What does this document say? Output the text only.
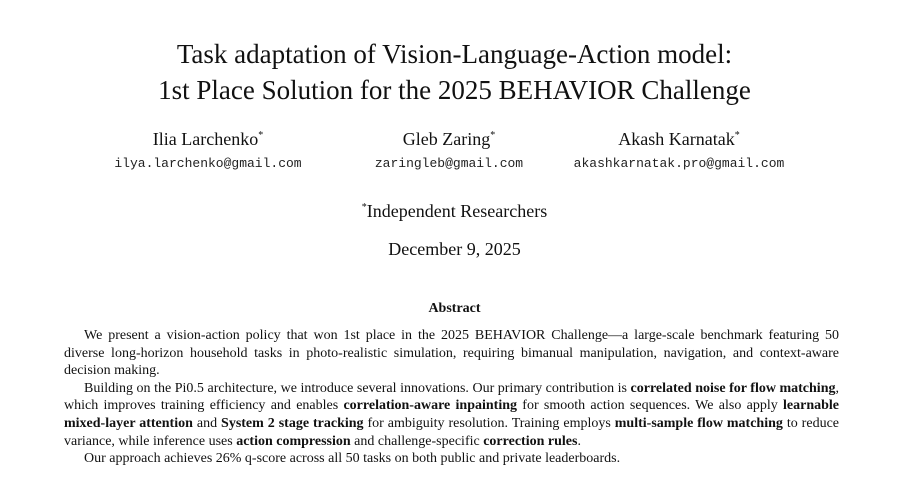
Task adaptation of Vision-Language-Action model:
1st Place Solution for the 2025 BEHAVIOR Challenge
Ilia Larchenko*
ilya.larchenko@gmail.com
Gleb Zaring*
zaringleb@gmail.com
Akash Karnatak*
akashkarnatak.pro@gmail.com
*Independent Researchers
December 9, 2025
Abstract

We present a vision-action policy that won 1st place in the 2025 BEHAVIOR Challenge—a large-scale benchmark featuring 50 diverse long-horizon household tasks in photo-realistic simulation, requiring bimanual manipulation, navigation, and context-aware decision making.

Building on the Pi0.5 architecture, we introduce several innovations. Our primary contribution is correlated noise for flow matching, which improves training efficiency and enables correlation-aware inpainting for smooth action sequences. We also apply learnable mixed-layer attention and System 2 stage tracking for ambiguity resolution. Training employs multi-sample flow matching to reduce variance, while inference uses action compression and challenge-specific correction rules.

Our approach achieves 26% q-score across all 50 tasks on both public and private leaderboards.
